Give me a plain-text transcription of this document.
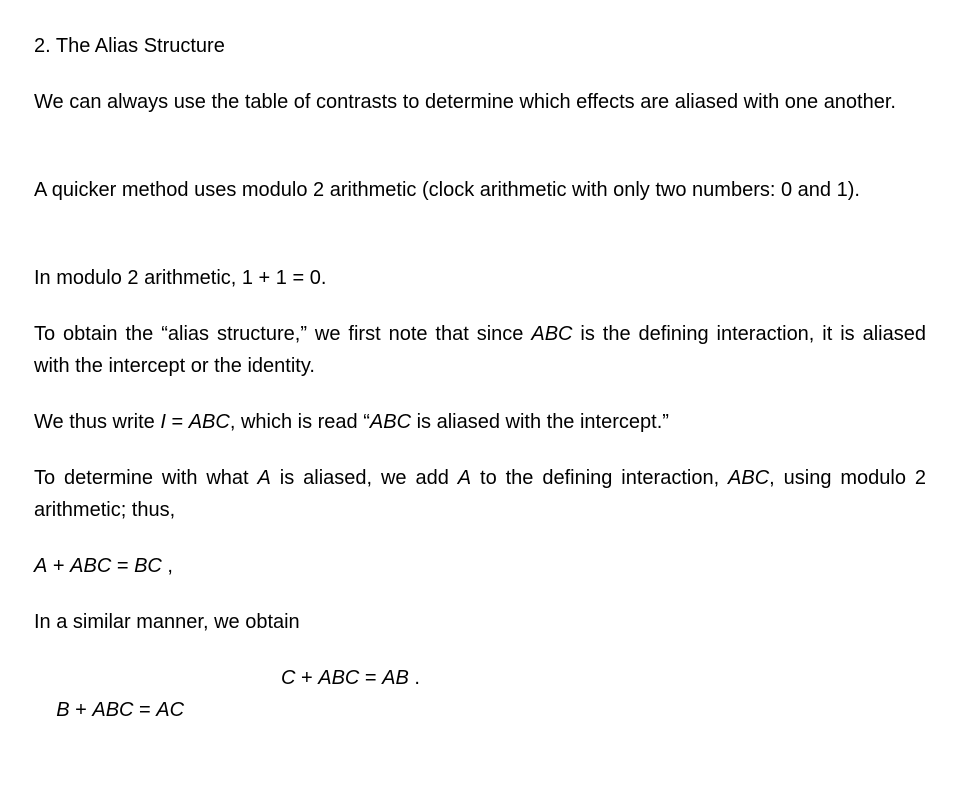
2. The Alias Structure

We can always use the table of contrasts to determine which effects are aliased with one another.

A quicker method uses modulo 2 arithmetic (clock arithmetic with only two numbers: 0 and 1).

In modulo 2 arithmetic, 1 + 1 = 0.

To obtain the “alias structure,” we first note that since ABC is the defining interaction, it is aliased with the intercept or the identity.

We thus write I = ABC, which is read “ABC is aliased with the intercept.”

To determine with what A is aliased, we add A to the defining interaction, ABC, using modulo 2 arithmetic; thus,

A + ABC = BC ,

In a similar manner, we obtain

B + ABC = AC

C + ABC = AB .
